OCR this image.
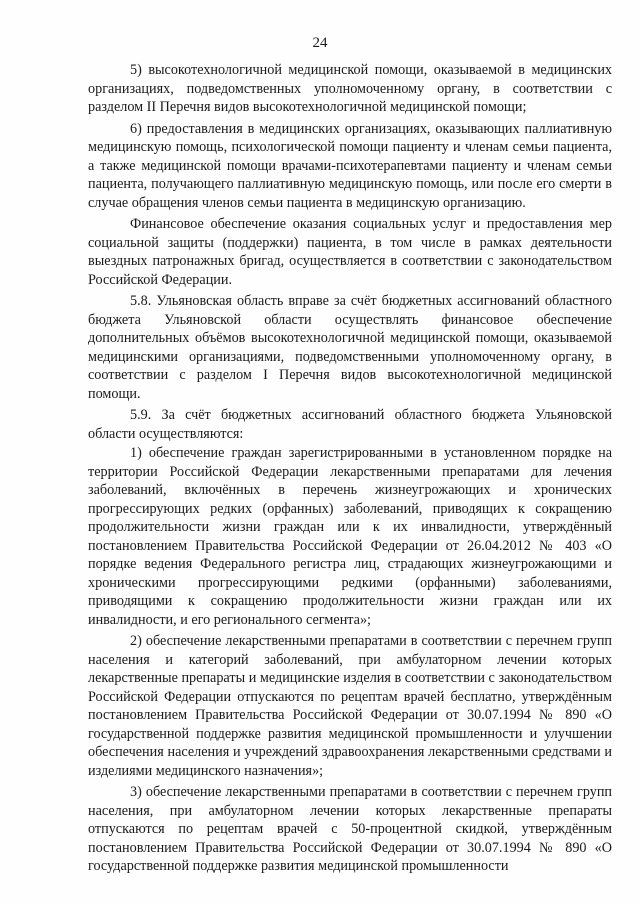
24

5) высокотехнологичной медицинской помощи, оказываемой в медицинских организациях, подведомственных уполномоченному органу, в соответствии с разделом II Перечня видов высокотехнологичной медицинской помощи;

6) предоставления в медицинских организациях, оказывающих паллиативную медицинскую помощь, психологической помощи пациенту и членам семьи пациента, а также медицинской помощи врачами-психотерапевтами пациенту и членам семьи пациента, получающего паллиативную медицинскую помощь, или после его смерти в случае обращения членов семьи пациента в медицинскую организацию.

Финансовое обеспечение оказания социальных услуг и предоставления мер социальной защиты (поддержки) пациента, в том числе в рамках деятельности выездных патронажных бригад, осуществляется в соответствии с законодательством Российской Федерации.

5.8. Ульяновская область вправе за счёт бюджетных ассигнований областного бюджета Ульяновской области осуществлять финансовое обеспечение дополнительных объёмов высокотехнологичной медицинской помощи, оказываемой медицинскими организациями, подведомственными уполномоченному органу, в соответствии с разделом I Перечня видов высокотехнологичной медицинской помощи.

5.9. За счёт бюджетных ассигнований областного бюджета Ульяновской области осуществляются:

1) обеспечение граждан зарегистрированными в установленном порядке на территории Российской Федерации лекарственными препаратами для лечения заболеваний, включённых в перечень жизнеугрожающих и хронических прогрессирующих редких (орфанных) заболеваний, приводящих к сокращению продолжительности жизни граждан или к их инвалидности, утверждённый постановлением Правительства Российской Федерации от 26.04.2012 № 403 «О порядке ведения Федерального регистра лиц, страдающих жизнеугрожающими и хроническими прогрессирующими редкими (орфанными) заболеваниями, приводящими к сокращению продолжительности жизни граждан или их инвалидности, и его регионального сегмента»;

2) обеспечение лекарственными препаратами в соответствии с перечнем групп населения и категорий заболеваний, при амбулаторном лечении которых лекарственные препараты и медицинские изделия в соответствии с законодательством Российской Федерации отпускаются по рецептам врачей бесплатно, утверждённым постановлением Правительства Российской Федерации от 30.07.1994 № 890 «О государственной поддержке развития медицинской промышленности и улучшении обеспечения населения и учреждений здравоохранения лекарственными средствами и изделиями медицинского назначения»;

3) обеспечение лекарственными препаратами в соответствии с перечнем групп населения, при амбулаторном лечении которых лекарственные препараты отпускаются по рецептам врачей с 50-процентной скидкой, утверждённым постановлением Правительства Российской Федерации от 30.07.1994 № 890 «О государственной поддержке развития медицинской промышленности
